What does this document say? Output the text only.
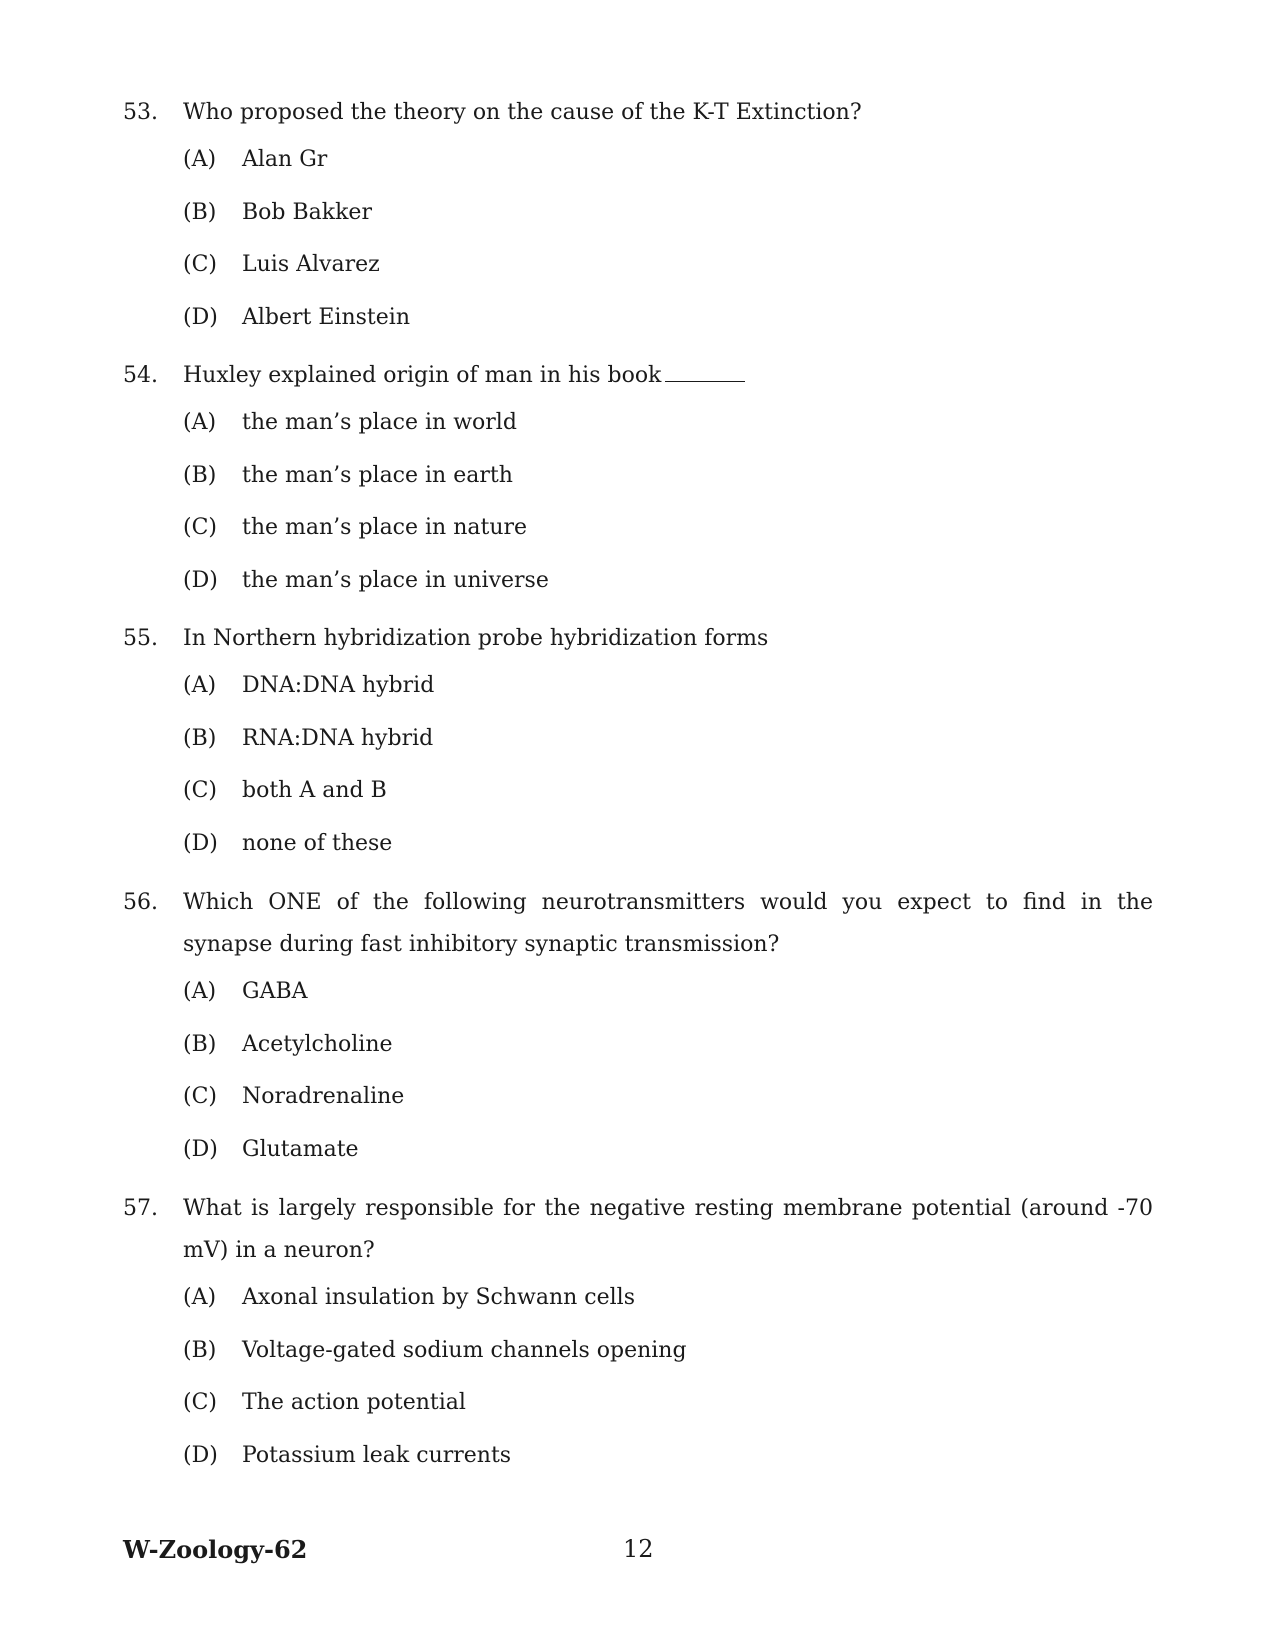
53.	Who proposed the theory on the cause of the K-T Extinction?
(A)	Alan Gr
(B)	Bob Bakker
(C)	Luis Alvarez
(D)	Albert Einstein
54.	Huxley explained origin of man in his book
(A)	the man’s place in world
(B)	the man’s place in earth
(C)	the man’s place in nature
(D)	the man’s place in universe
55.	In Northern hybridization probe hybridization forms
(A)	DNA:DNA hybrid
(B)	RNA:DNA hybrid
(C)	both A and B
(D)	none of these
56.	Which ONE of the following neurotransmitters would you expect to find in the synapse during fast inhibitory synaptic transmission?
(A)	GABA
(B)	Acetylcholine
(C)	Noradrenaline
(D)	Glutamate
57.	What is largely responsible for the negative resting membrane potential (around -70 mV) in a neuron?
(A)	Axonal insulation by Schwann cells
(B)	Voltage-gated sodium channels opening
(C)	The action potential
(D)	Potassium leak currents
W-Zoology-62	12
